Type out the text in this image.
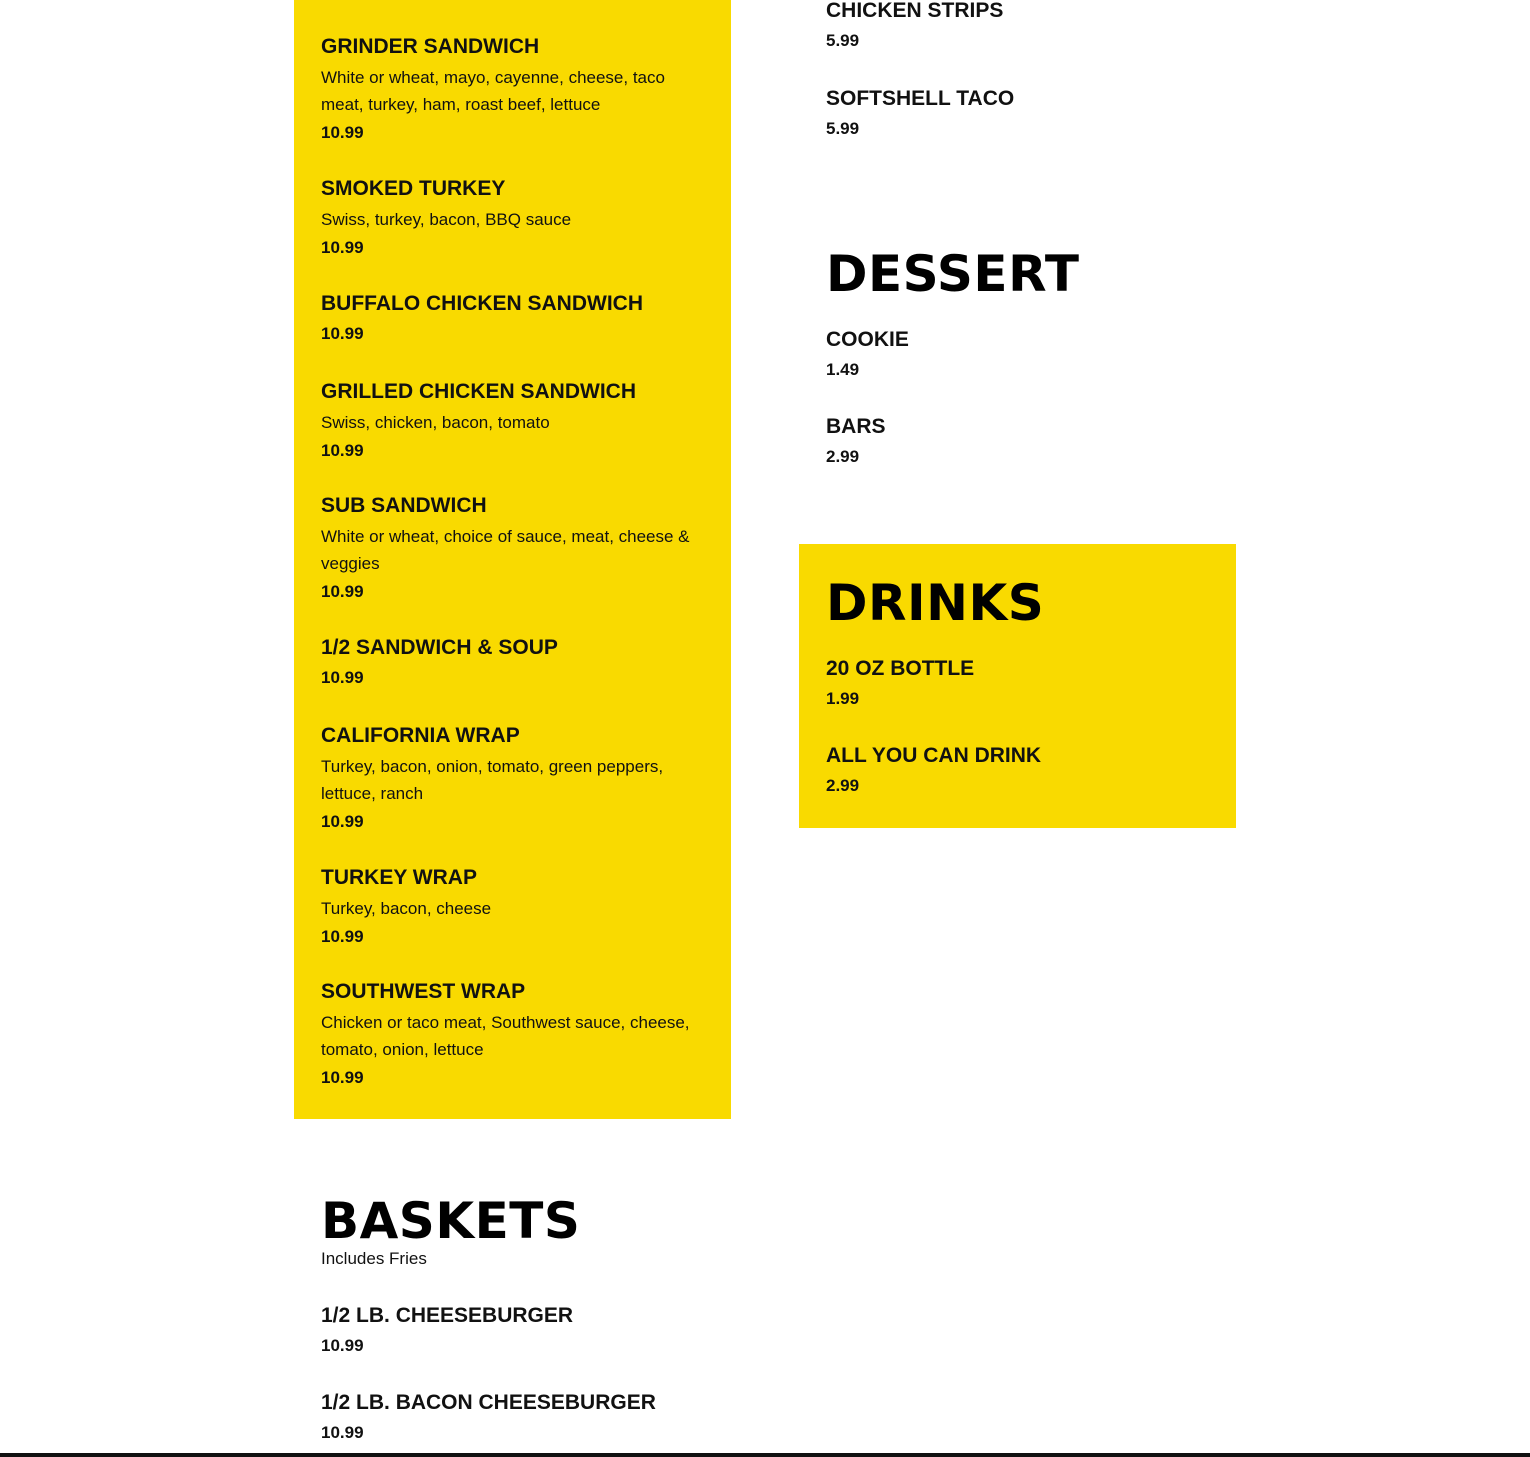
GRINDER SANDWICH
White or wheat, mayo, cayenne, cheese, taco meat, turkey, ham, roast beef, lettuce
10.99
SMOKED TURKEY
Swiss, turkey, bacon, BBQ sauce
10.99
BUFFALO CHICKEN SANDWICH
10.99
GRILLED CHICKEN SANDWICH
Swiss, chicken, bacon, tomato
10.99
SUB SANDWICH
White or wheat, choice of sauce, meat, cheese & veggies
10.99
1/2 SANDWICH & SOUP
10.99
CALIFORNIA WRAP
Turkey, bacon, onion, tomato, green peppers, lettuce, ranch
10.99
TURKEY WRAP
Turkey, bacon, cheese
10.99
SOUTHWEST WRAP
Chicken or taco meat, Southwest sauce, cheese, tomato, onion, lettuce
10.99
BASKETS

Includes Fries

1/2 LB. CHEESEBURGER
10.99
1/2 LB. BACON CHEESEBURGER
10.99
CHICKEN STRIPS
5.99
SOFTSHELL TACO
5.99
DESSERT
COOKIE
1.49
BARS
2.99
DRINKS
20 OZ BOTTLE
1.99
ALL YOU CAN DRINK
2.99
